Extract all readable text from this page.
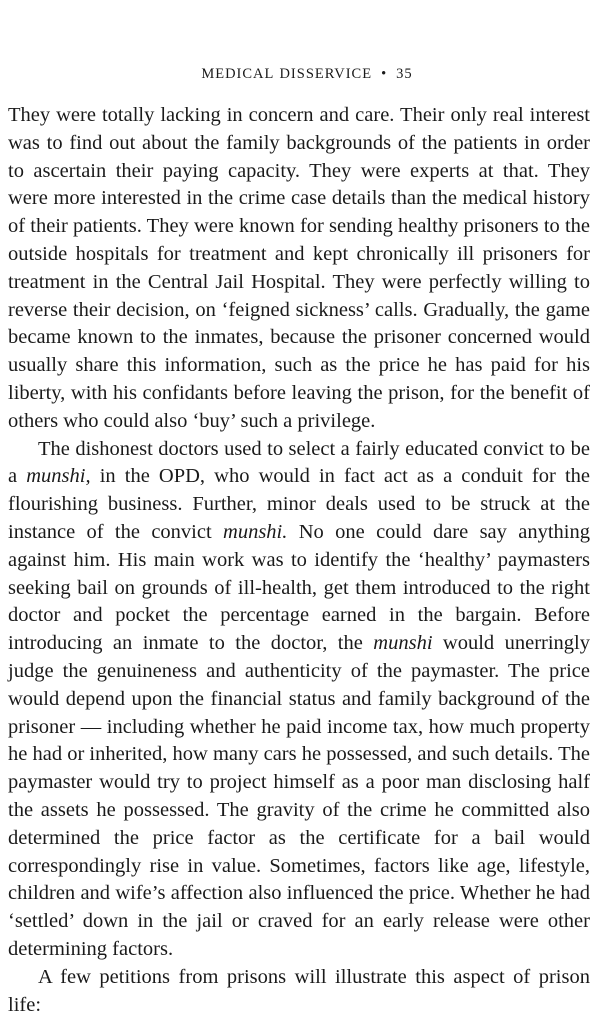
MEDICAL DISSERVICE • 35

They were totally lacking in concern and care. Their only real interest was to find out about the family backgrounds of the patients in order to ascertain their paying capacity. They were experts at that. They were more interested in the crime case details than the medical history of their patients. They were known for sending healthy prisoners to the outside hospitals for treatment and kept chronically ill prisoners for treatment in the Central Jail Hospital. They were perfectly willing to reverse their decision, on ‘feigned sickness’ calls. Gradually, the game became known to the inmates, because the prisoner concerned would usually share this information, such as the price he has paid for his liberty, with his confidants before leaving the prison, for the benefit of others who could also ‘buy’ such a privilege.

The dishonest doctors used to select a fairly educated convict to be a munshi, in the OPD, who would in fact act as a conduit for the flourishing business. Further, minor deals used to be struck at the instance of the convict munshi. No one could dare say anything against him. His main work was to identify the ‘healthy’ paymasters seeking bail on grounds of ill-health, get them introduced to the right doctor and pocket the percentage earned in the bargain. Before introducing an inmate to the doctor, the munshi would unerringly judge the genuineness and authenticity of the paymaster. The price would depend upon the financial status and family background of the prisoner — including whether he paid income tax, how much property he had or inherited, how many cars he possessed, and such details. The paymaster would try to project himself as a poor man disclosing half the assets he possessed. The gravity of the crime he committed also determined the price factor as the certificate for a bail would correspondingly rise in value. Sometimes, factors like age, lifestyle, children and wife’s affection also influenced the price. Whether he had ‘settled’ down in the jail or craved for an early release were other determining factors.

A few petitions from prisons will illustrate this aspect of prison life:
